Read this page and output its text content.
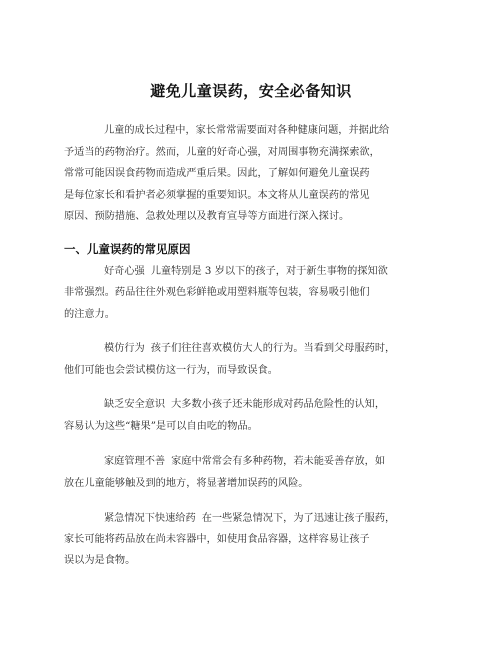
避免儿童误药，安全必备知识
儿童的成长过程中，家长常常需要面对各种健康问题，并据此给
予适当的药物治疗。然而，儿童的好奇心强，对周围事物充满探索欲，
常常可能因误食药物而造成严重后果。因此，了解如何避免儿童误药
是每位家长和看护者必须掌握的重要知识。本文将从儿童误药的常见
原因、预防措施、急救处理以及教育宣导等方面进行深入探讨。
一、儿童误药的常见原因
好奇心强 儿童特别是 3 岁以下的孩子，对于新生事物的探知欲
非常强烈。药品往往外观色彩鲜艳或用塑料瓶等包装，容易吸引他们
的注意力。
模仿行为 孩子们往往喜欢模仿大人的行为。当看到父母服药时，
他们可能也会尝试模仿这一行为，而导致误食。
缺乏安全意识 大多数小孩子还未能形成对药品危险性的认知，
容易认为这些“糖果”是可以自由吃的物品。
家庭管理不善 家庭中常常会有多种药物，若未能妥善存放，如
放在儿童能够触及到的地方，将显著增加误药的风险。
紧急情况下快速给药 在一些紧急情况下，为了迅速让孩子服药，
家长可能将药品放在尚未容器中，如使用食品容器，这样容易让孩子
误以为是食物。
